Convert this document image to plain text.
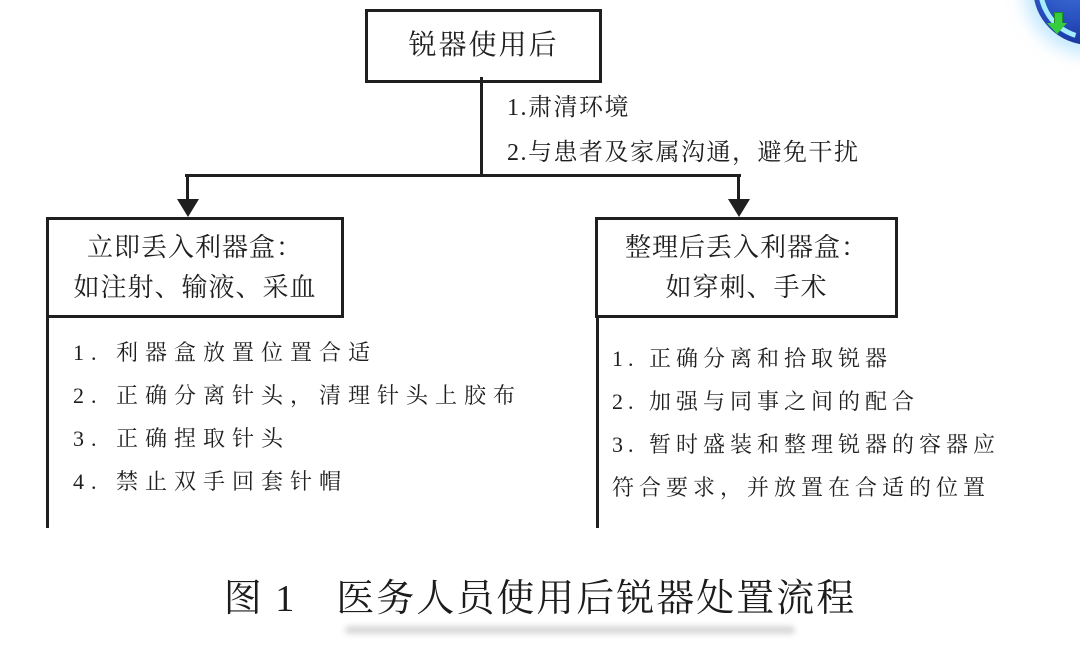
锐器使用后
1.肃清环境
2.与患者及家属沟通，避免干扰
立即丢入利器盒：
如注射、输液、采血
1. 利器盒放置位置合适
2. 正确分离针头，清理针头上胶布
3. 正确捏取针头
4. 禁止双手回套针帽
整理后丢入利器盒：
如穿刺、手术
1. 正确分离和拾取锐器
2. 加强与同事之间的配合
3. 暂时盛装和整理锐器的容器应
符合要求，并放置在合适的位置
图 1　医务人员使用后锐器处置流程
